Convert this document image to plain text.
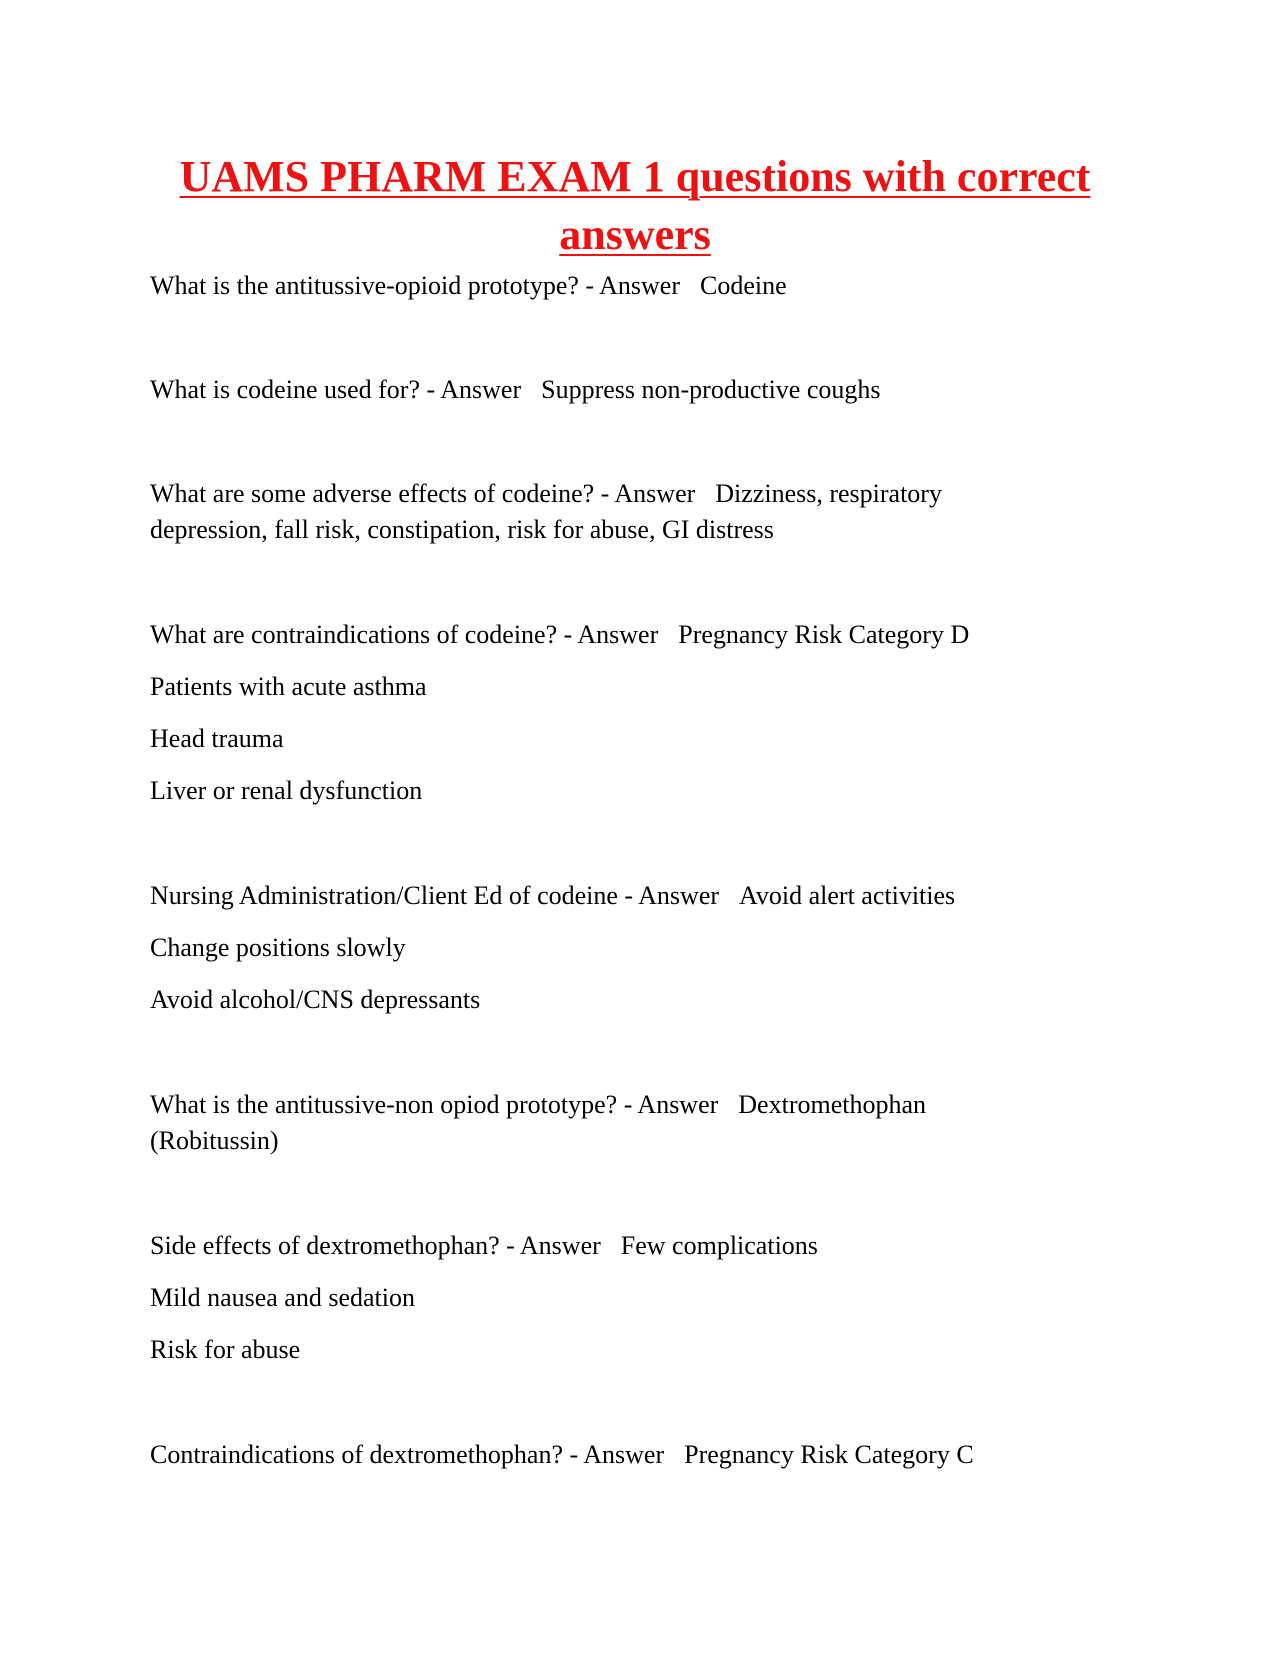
UAMS PHARM EXAM 1 questions with correct
answers

What is the antitussive-opioid prototype? - Answer Codeine

What is codeine used for? - Answer Suppress non-productive coughs

What are some adverse effects of codeine? - Answer Dizziness, respiratory

depression, fall risk, constipation, risk for abuse, GI distress

What are contraindications of codeine? - Answer Pregnancy Risk Category D

Patients with acute asthma

Head trauma

Liver or renal dysfunction

Nursing Administration/Client Ed of codeine - Answer Avoid alert activities

Change positions slowly

Avoid alcohol/CNS depressants

What is the antitussive-non opiod prototype? - Answer Dextromethophan

(Robitussin)

Side effects of dextromethophan? - Answer Few complications

Mild nausea and sedation

Risk for abuse

Contraindications of dextromethophan? - Answer Pregnancy Risk Category C
